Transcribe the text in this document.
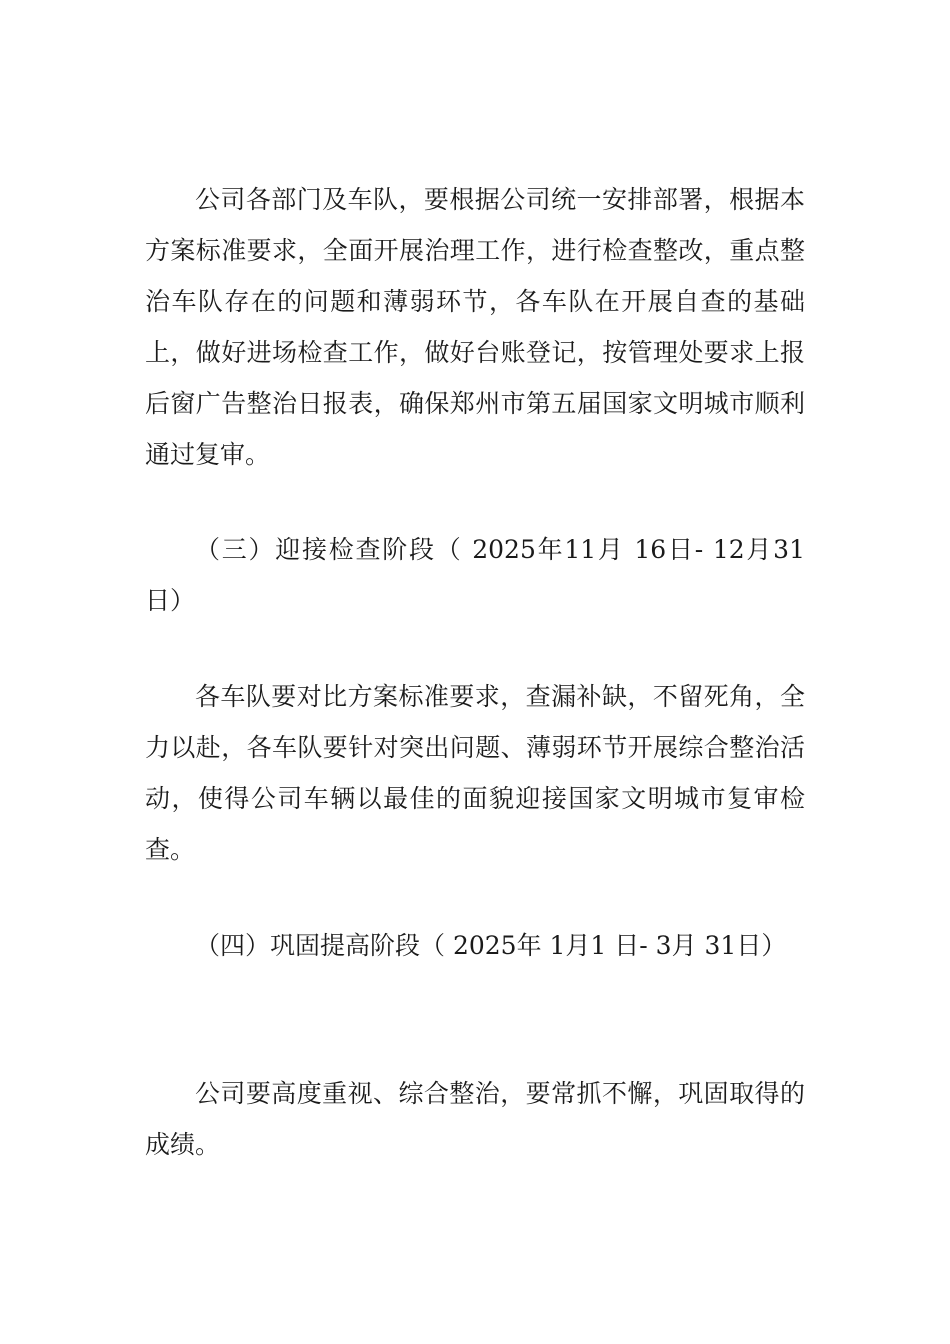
公司各部门及车队，要根据公司统一安排部署，根据本方案标准要求，全面开展治理工作，进行检查整改，重点整治车队存在的问题和薄弱环节，各车队在开展自查的基础上，做好进场检查工作，做好台账登记，按管理处要求上报后窗广告整治日报表，确保郑州市第五届国家文明城市顺利通过复审。

（三）迎接检查阶段（ 2025年11月 16日- 12月31日）

各车队要对比方案标准要求，查漏补缺，不留死角，全力以赴，各车队要针对突出问题、薄弱环节开展综合整治活动，使得公司车辆以最佳的面貌迎接国家文明城市复审检查。

（四）巩固提高阶段（ 2025年 1月1 日- 3月 31日）

公司要高度重视、综合整治，要常抓不懈，巩固取得的成绩。
